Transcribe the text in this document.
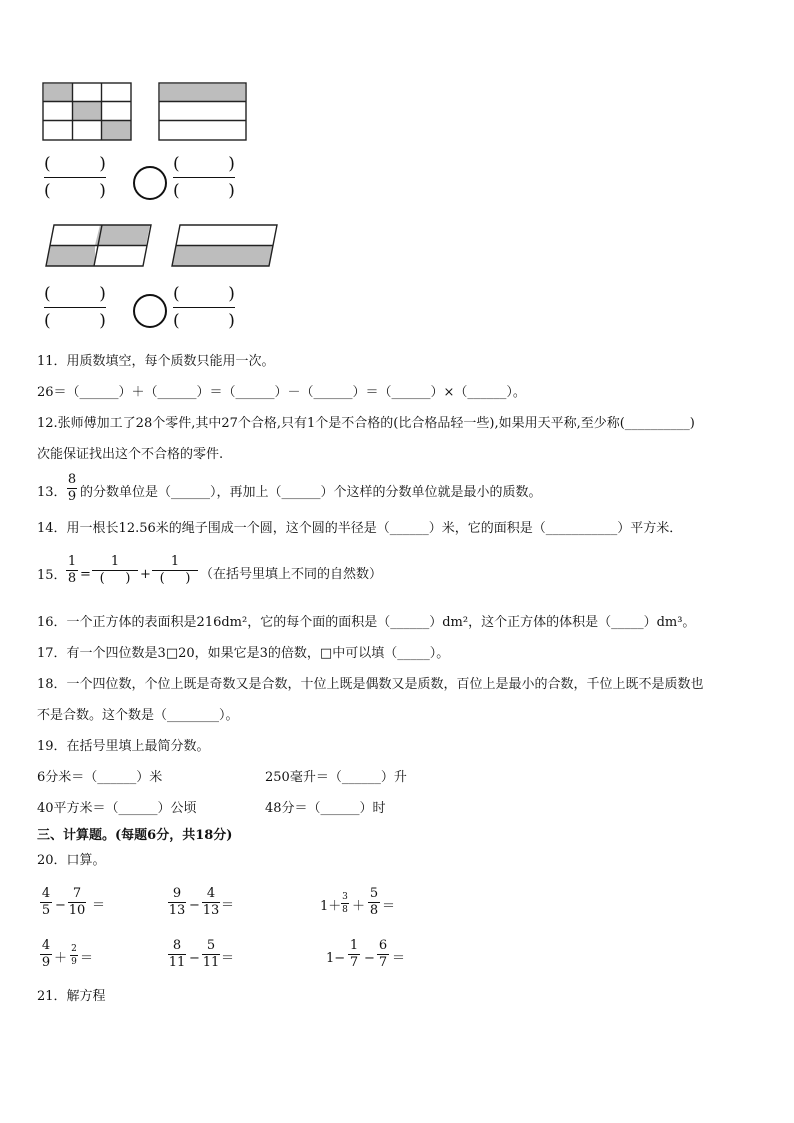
(         )
(         )
(         )
(         )
(         )
(         )
(         )
(         )
11．用质数填空，每个质数只能用一次。
26＝（______）＋（______）＝（______）－（______）＝（______）×（______）。
12.张师傅加工了28个零件,其中27个合格,只有1个是不合格的(比合格品轻一些),如果用天平称,至少称(__________)
次能保证找出这个不合格的零件.
13．
8
9 的分数单位是（______），再加上（______）个这样的分数单位就是最小的质数。
14．用一根长12.56米的绳子围成一个圆，这个圆的半径是（______）米，它的面积是（___________）平方米．
15．
1
8 =
1
(     ) +
1
(     ) （在括号里填上不同的自然数）
16．一个正方体的表面积是216dm²，它的每个面的面积是（______）dm²，这个正方体的体积是（_____）dm³。
17．有一个四位数是3□20，如果它是3的倍数，□中可以填（_____）。
18．一个四位数，个位上既是奇数又是合数，十位上既是偶数又是质数，百位上是最小的合数，千位上既不是质数也
不是合数。这个数是（________）。
19．在括号里填上最简分数。
6分米＝（______）米	250毫升＝（______）升
40平方米＝（______）公顷	48分＝（______）时
三、计算题。(每题6分，共18分)
20．口算。
4
5 −
7
10 ＝
9
13 −
4
13 ＝	1＋
3
8 ＋
5
8 ＝
4
9 ＋
2
9 ＝
8
11 −
5
11 ＝	1−
1
7 −
6
7 ＝
21．解方程
